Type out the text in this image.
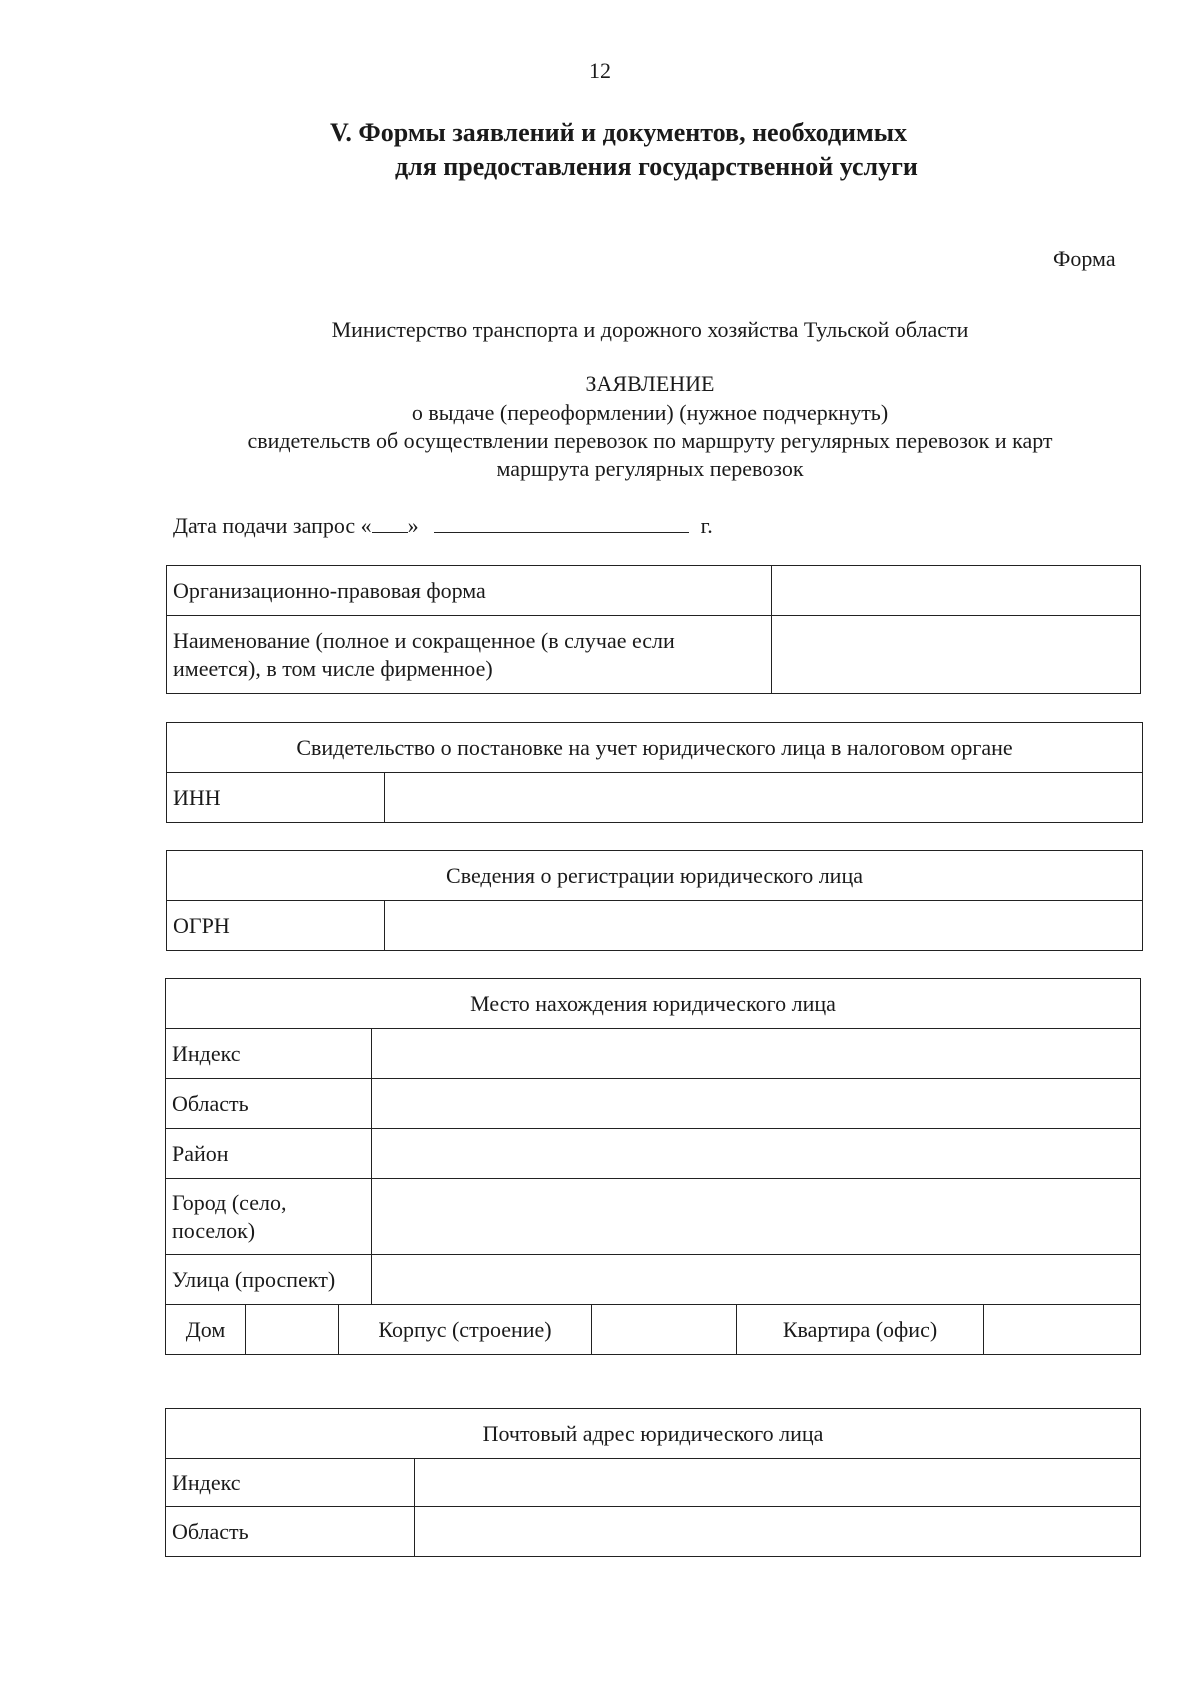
12
V. Формы заявлений и документов, необходимых
для предоставления государственной услуги
Форма
Министерство транспорта и дорожного хозяйства Тульской области
ЗАЯВЛЕНИЕ
о выдаче (переоформлении) (нужное подчеркнуть)
свидетельств об осуществлении перевозок по маршруту регулярных перевозок и карт
маршрута регулярных перевозок
Дата подачи запрос « »	г.
Организационно-правовая форма	

Наименование (полное и сокращенное (в случае если
имеется), в том числе фирменное)	

Свидетельство о постановке на учет юридического лица в налоговом органе
ИНН	
Сведения о регистрации юридического лица
ОГРН	
Место нахождения юридического лица						
Индекс						
Область						
Район						

Город (село,
поселок)						

Улица (проспект)						
Дом		Корпус (строение)			Квартира (офис)	
Почтовый адрес юридического лица	
Индекс	
Область	
